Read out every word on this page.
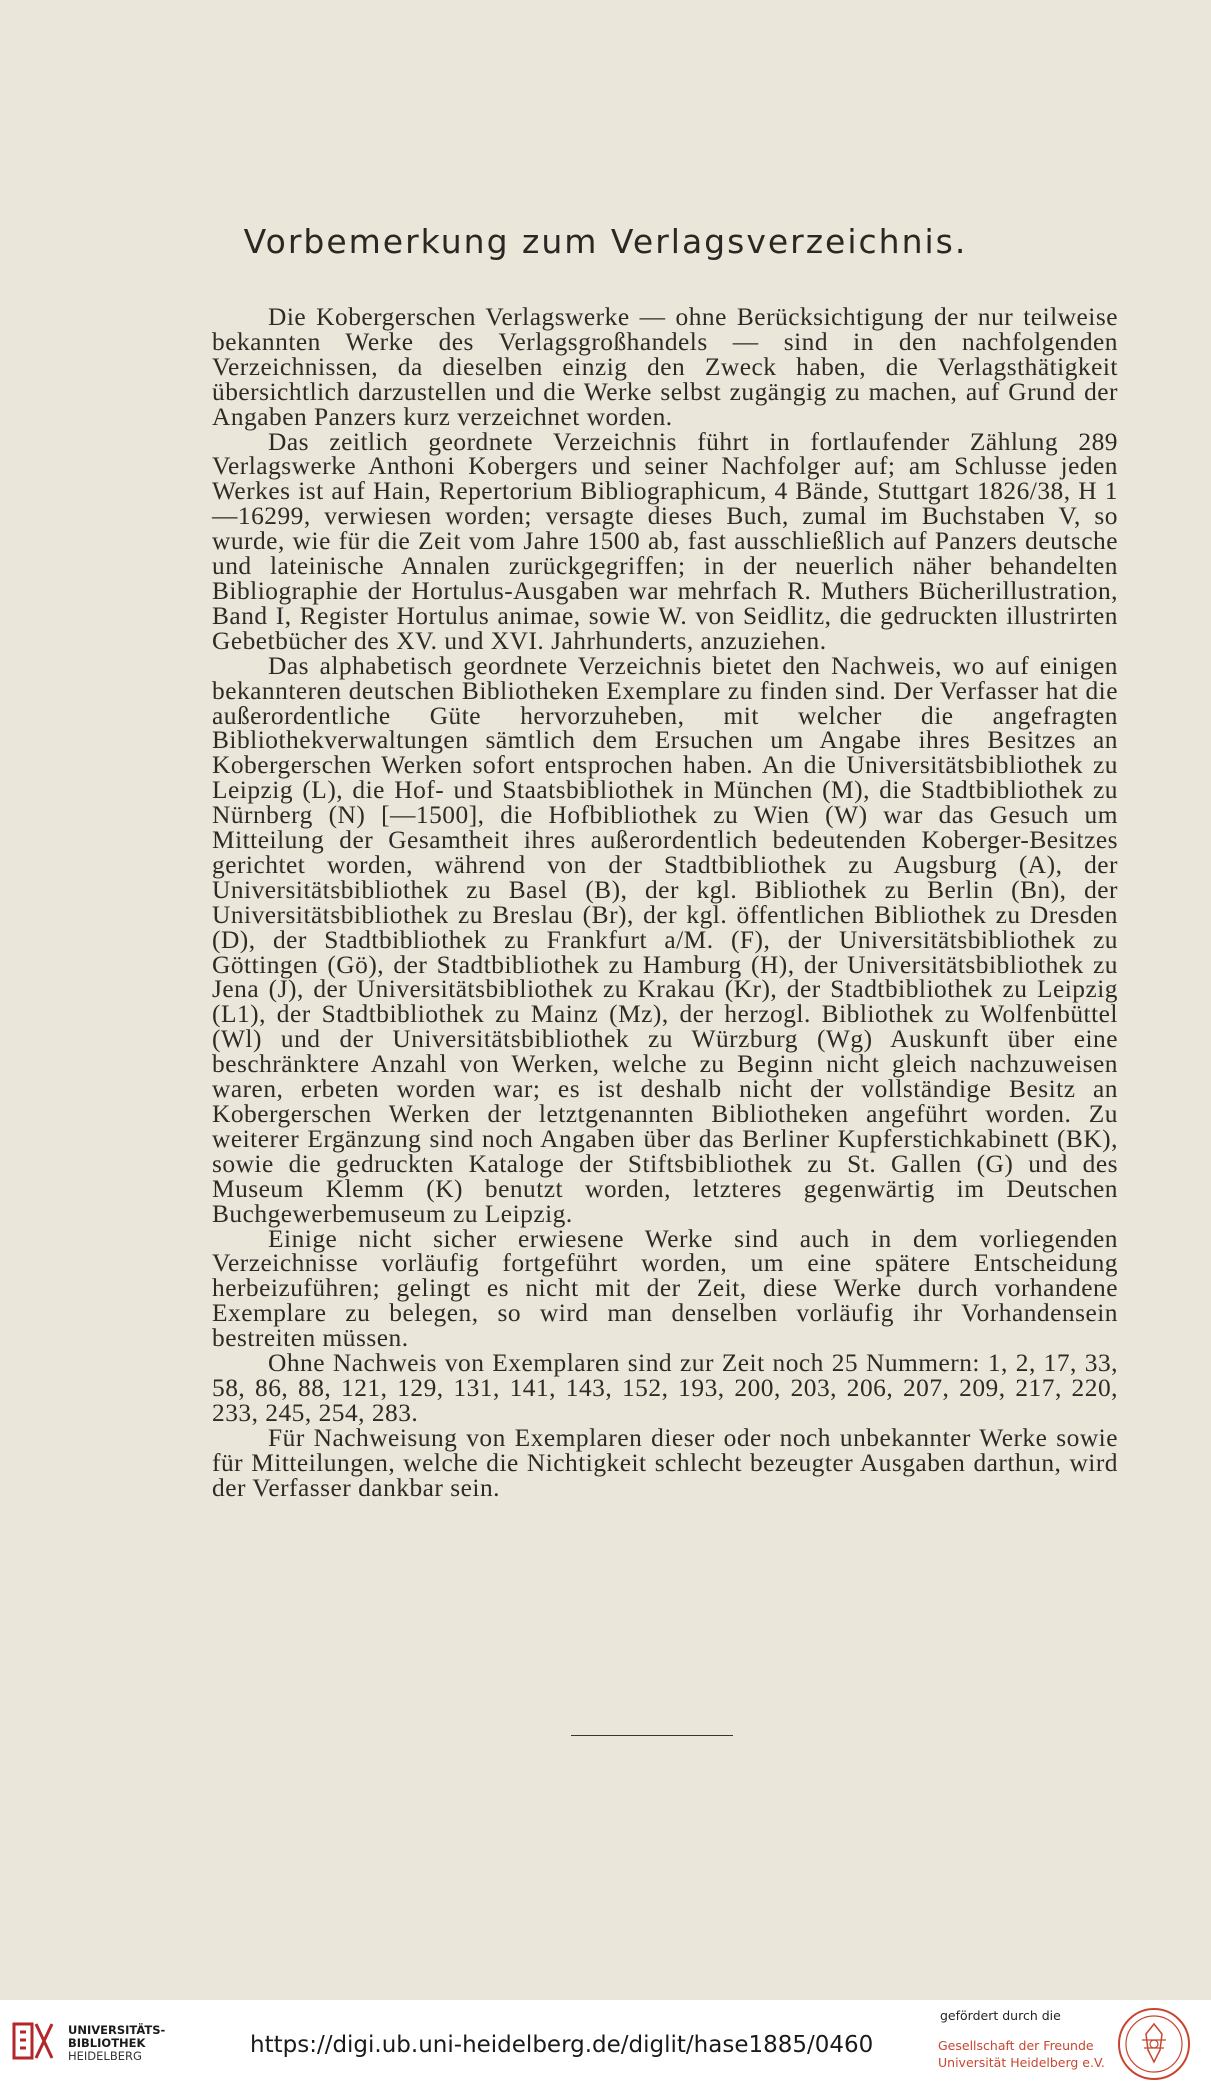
Vorbemerkung zum Verlagsverzeichnis.

Die Kobergerschen Verlagswerke — ohne Berücksichtigung der nur teilweise bekannten Werke des Verlagsgroßhandels — sind in den nachfolgenden Verzeichnissen, da dieselben einzig den Zweck haben, die Verlagsthätigkeit übersichtlich darzustellen und die Werke selbst zugängig zu machen, auf Grund der Angaben Panzers kurz verzeichnet worden.

Das zeitlich geordnete Verzeichnis führt in fortlaufender Zählung 289 Verlagswerke Anthoni Kobergers und seiner Nachfolger auf; am Schlusse jeden Werkes ist auf Hain, Repertorium Bibliographicum, 4 Bände, Stuttgart 1826/38, H 1—16299, verwiesen worden; versagte dieses Buch, zumal im Buchstaben V, so wurde, wie für die Zeit vom Jahre 1500 ab, fast ausschließlich auf Panzers deutsche und lateinische Annalen zurückgegriffen; in der neuerlich näher behandelten Bibliographie der Hortulus-Ausgaben war mehrfach R. Muthers Bücherillustration, Band I, Register Hortulus animae, sowie W. von Seidlitz, die gedruckten illustrirten Gebetbücher des XV. und XVI. Jahrhunderts, anzuziehen.

Das alphabetisch geordnete Verzeichnis bietet den Nachweis, wo auf einigen bekannteren deutschen Bibliotheken Exemplare zu finden sind. Der Verfasser hat die außerordentliche Güte hervorzuheben, mit welcher die angefragten Bibliothekverwaltungen sämtlich dem Ersuchen um Angabe ihres Besitzes an Kobergerschen Werken sofort entsprochen haben. An die Universitätsbibliothek zu Leipzig (L), die Hof- und Staatsbibliothek in München (M), die Stadtbibliothek zu Nürnberg (N) [—1500], die Hofbibliothek zu Wien (W) war das Gesuch um Mitteilung der Gesamtheit ihres außerordentlich bedeutenden Koberger-Besitzes gerichtet worden, während von der Stadtbibliothek zu Augsburg (A), der Universitätsbibliothek zu Basel (B), der kgl. Bibliothek zu Berlin (Bn), der Universitätsbibliothek zu Breslau (Br), der kgl. öffentlichen Bibliothek zu Dresden (D), der Stadtbibliothek zu Frankfurt a/M. (F), der Universitätsbibliothek zu Göttingen (Gö), der Stadtbibliothek zu Hamburg (H), der Universitätsbibliothek zu Jena (J), der Universitätsbibliothek zu Krakau (Kr), der Stadtbibliothek zu Leipzig (L1), der Stadtbibliothek zu Mainz (Mz), der herzogl. Bibliothek zu Wolfenbüttel (Wl) und der Universitätsbibliothek zu Würzburg (Wg) Auskunft über eine beschränktere Anzahl von Werken, welche zu Beginn nicht gleich nachzuweisen waren, erbeten worden war; es ist deshalb nicht der vollständige Besitz an Kobergerschen Werken der letztgenannten Bibliotheken angeführt worden. Zu weiterer Ergänzung sind noch Angaben über das Berliner Kupferstichkabinett (BK), sowie die gedruckten Kataloge der Stiftsbibliothek zu St. Gallen (G) und des Museum Klemm (K) benutzt worden, letzteres gegenwärtig im Deutschen Buchgewerbemuseum zu Leipzig.

Einige nicht sicher erwiesene Werke sind auch in dem vorliegenden Verzeichnisse vorläufig fortgeführt worden, um eine spätere Entscheidung herbeizuführen; gelingt es nicht mit der Zeit, diese Werke durch vorhandene Exemplare zu belegen, so wird man denselben vorläufig ihr Vorhandensein bestreiten müssen.

Ohne Nachweis von Exemplaren sind zur Zeit noch 25 Nummern: 1, 2, 17, 33, 58, 86, 88, 121, 129, 131, 141, 143, 152, 193, 200, 203, 206, 207, 209, 217, 220, 233, 245, 254, 283.

Für Nachweisung von Exemplaren dieser oder noch unbekannter Werke sowie für Mitteilungen, welche die Nichtigkeit schlecht bezeugter Ausgaben darthun, wird der Verfasser dankbar sein.

UNIVERSITÄTS-
BIBLIOTHEK
HEIDELBERG	https://digi.ub.uni-heidelberg.de/diglit/hase1885/0460
gefördert durch die
Gesellschaft der Freunde
Universität Heidelberg e.V.
